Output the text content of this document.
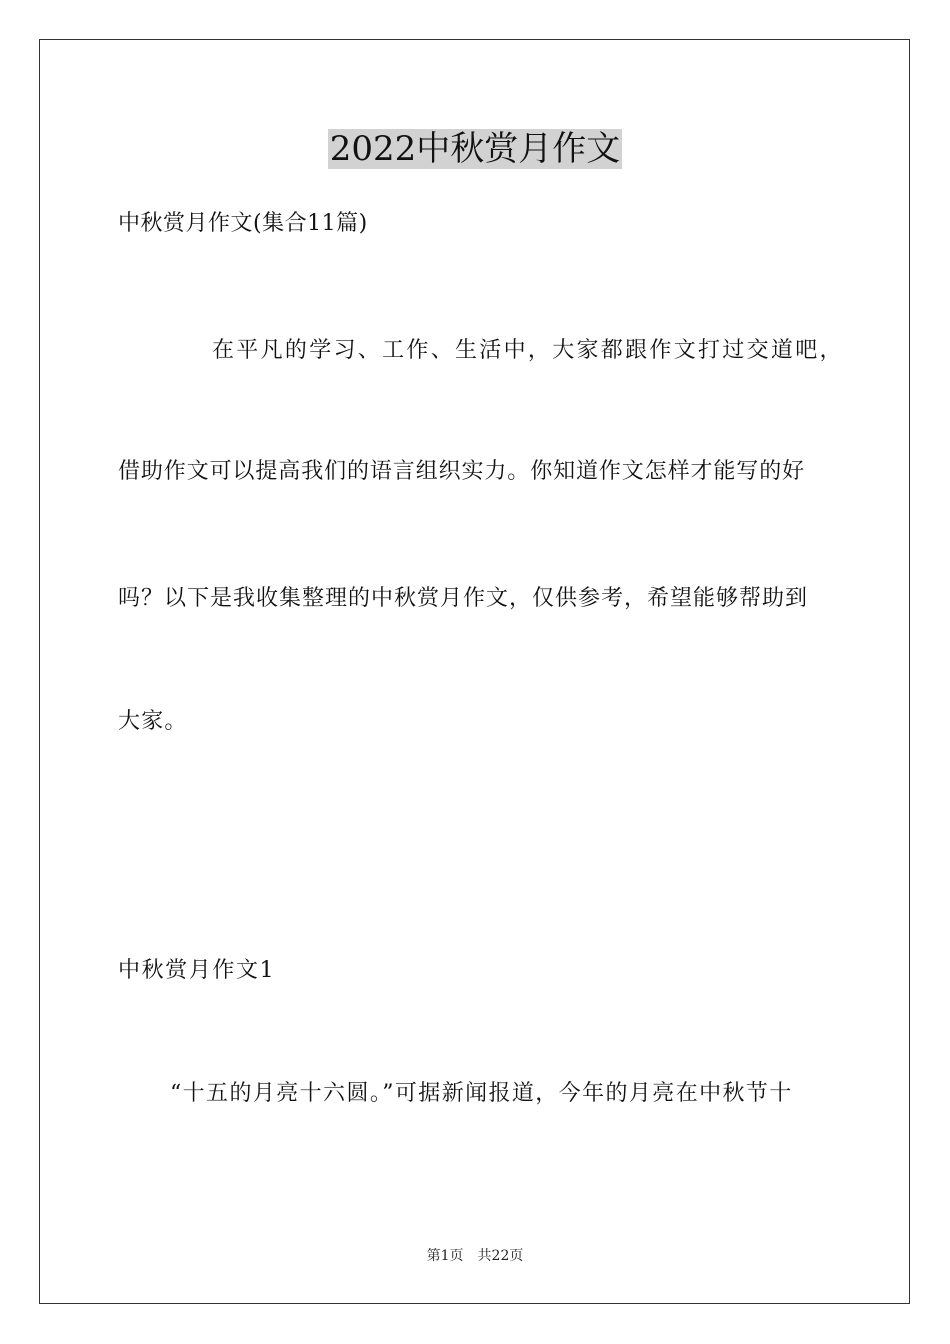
2022中秋赏月作文
中秋赏月作文(集合11篇)
在平凡的学习、工作、生活中，大家都跟作文打过交道吧，
借助作文可以提高我们的语言组织实力。你知道作文怎样才能写的好
吗？以下是我收集整理的中秋赏月作文，仅供参考，希望能够帮助到
大家。
中秋赏月作文1
“十五的月亮十六圆。”可据新闻报道，今年的月亮在中秋节十
第1页 共22页
